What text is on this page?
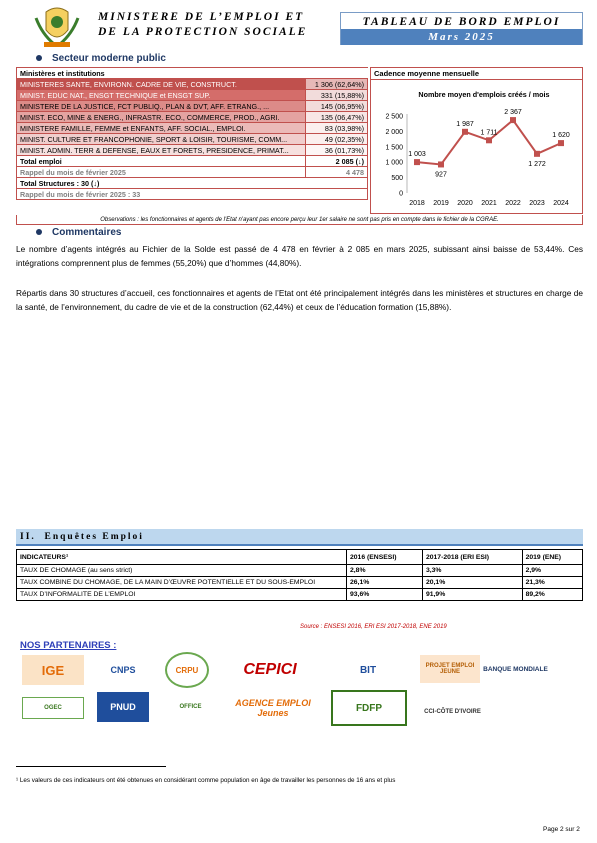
MINISTERE DE L’EMPLOI ET
DE LA PROTECTION SOCIALE
TABLEAU DE BORD EMPLOI
Mars 2025
Secteur moderne public
Ministères et institutions	
MINISTERES SANTE, ENVIRONN. CADRE DE VIE, CONSTRUCT.	1 306 (62,64%)
MINIST. EDUC NAT., ENSGT TECHNIQUE et ENSGT SUP.	331 (15,88%)
MINISTERE DE LA JUSTICE, FCT PUBLIQ., PLAN & DVT, AFF. ETRANG., ...	145 (06,95%)
MINIST. ECO, MINE & ENERG., INFRASTR. ECO., COMMERCE, PROD., AGRI.	135 (06,47%)
MINISTERE FAMILLE, FEMME et ENFANTS, AFF. SOCIAL., EMPLOI.	83 (03,98%)
MINIST. CULTURE ET FRANCOPHONIE, SPORT & LOISIR, TOURISME, COMM...	49 (02,35%)
MINIST. ADMIN. TERR & DEFENSE, EAUX ET FORETS, PRESIDENCE, PRIMAT...	36 (01,73%)
Total emploi	2 085 (↓)
Rappel du mois de février 2025	4 478
Total Structures : 30 (↓)	
Rappel du mois de février 2025 : 33	
Cadence moyenne mensuelle
Nombre moyen d'emplois créés / mois
0
500
1 000
1 500
2 000
2 500
2018 2019 2020 2021 2022 2023 2024
1 003
927
1 987
1 711
2 367
1 272
1 620
Observations : les fonctionnaires et agents de l'Etat n'ayant pas encore perçu leur 1er salaire ne sont pas pris en compte dans le fichier de la CGRAE.
Commentaires

Le nombre d’agents intégrés au Fichier de la Solde est passé de 4 478 en février à 2 085 en mars 2025, subissant ainsi baisse de 53,44%. Ces intégrations comprennent plus de femmes (55,20%) que d’hommes (44,80%).

Répartis dans 30 structures d’accueil, ces fonctionnaires et agents de l’Etat ont été principalement intégrés dans les ministères et structures en charge de la santé, de l’environnement, du cadre de vie et de la construction (62,44%) et ceux de l’éducation formation (15,88%).

II. Enquêtes Emploi
INDICATEURS¹	2016 (ENSESI)	2017-2018 (ERI ESI)	2019 (ENE)
TAUX DE CHOMAGE (au sens strict)	2,8%	3,3%	2,9%
TAUX COMBINE DU CHOMAGE, DE LA MAIN D’ŒUVRE POTENTIELLE ET DU SOUS-EMPLOI	26,1%	20,1%	21,3%
TAUX D’INFORMALITE DE L’EMPLOI	93,6%	91,9%	89,2%
Source : ENSESI 2016, ERI ESI 2017-2018, ENE 2019
NOS PARTENAIRES :
IGE	CNPS	CRPU	CEPICI	BIT	PROJET EMPLOI JEUNE	BANQUE MONDIALE
OGEC	PNUD	OFFICE	AGENCE EMPLOI Jeunes	FDFP	CCI-CÔTE D'IVOIRE
¹ Les valeurs de ces indicateurs ont été obtenues en considérant comme population en âge de travailler les personnes de 16 ans et plus
Page 2 sur 2
